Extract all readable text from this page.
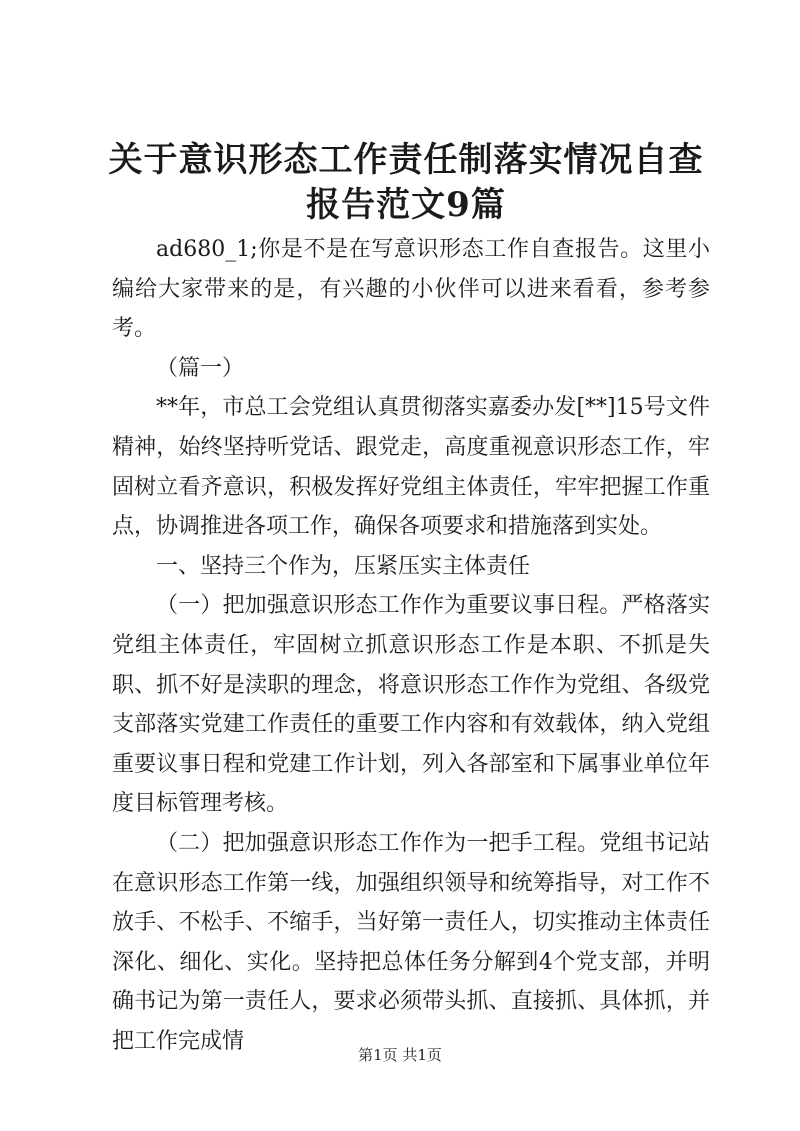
关于意识形态工作责任制落实情况自查报告范文9篇

ad680_1;你是不是在写意识形态工作自查报告。这里小编给大家带来的是，有兴趣的小伙伴可以进来看看，参考参考。

（篇一）

**年，市总工会党组认真贯彻落实嘉委办发[**]15号文件精神，始终坚持听党话、跟党走，高度重视意识形态工作，牢固树立看齐意识，积极发挥好党组主体责任，牢牢把握工作重点，协调推进各项工作，确保各项要求和措施落到实处。

一、坚持三个作为，压紧压实主体责任

（一）把加强意识形态工作作为重要议事日程。严格落实党组主体责任，牢固树立抓意识形态工作是本职、不抓是失职、抓不好是渎职的理念，将意识形态工作作为党组、各级党支部落实党建工作责任的重要工作内容和有效载体，纳入党组重要议事日程和党建工作计划，列入各部室和下属事业单位年度目标管理考核。

（二）把加强意识形态工作作为一把手工程。党组书记站在意识形态工作第一线，加强组织领导和统筹指导，对工作不放手、不松手、不缩手，当好第一责任人，切实推动主体责任深化、细化、实化。坚持把总体任务分解到4个党支部，并明确书记为第一责任人，要求必须带头抓、直接抓、具体抓，并把工作完成情

第1页 共1页
